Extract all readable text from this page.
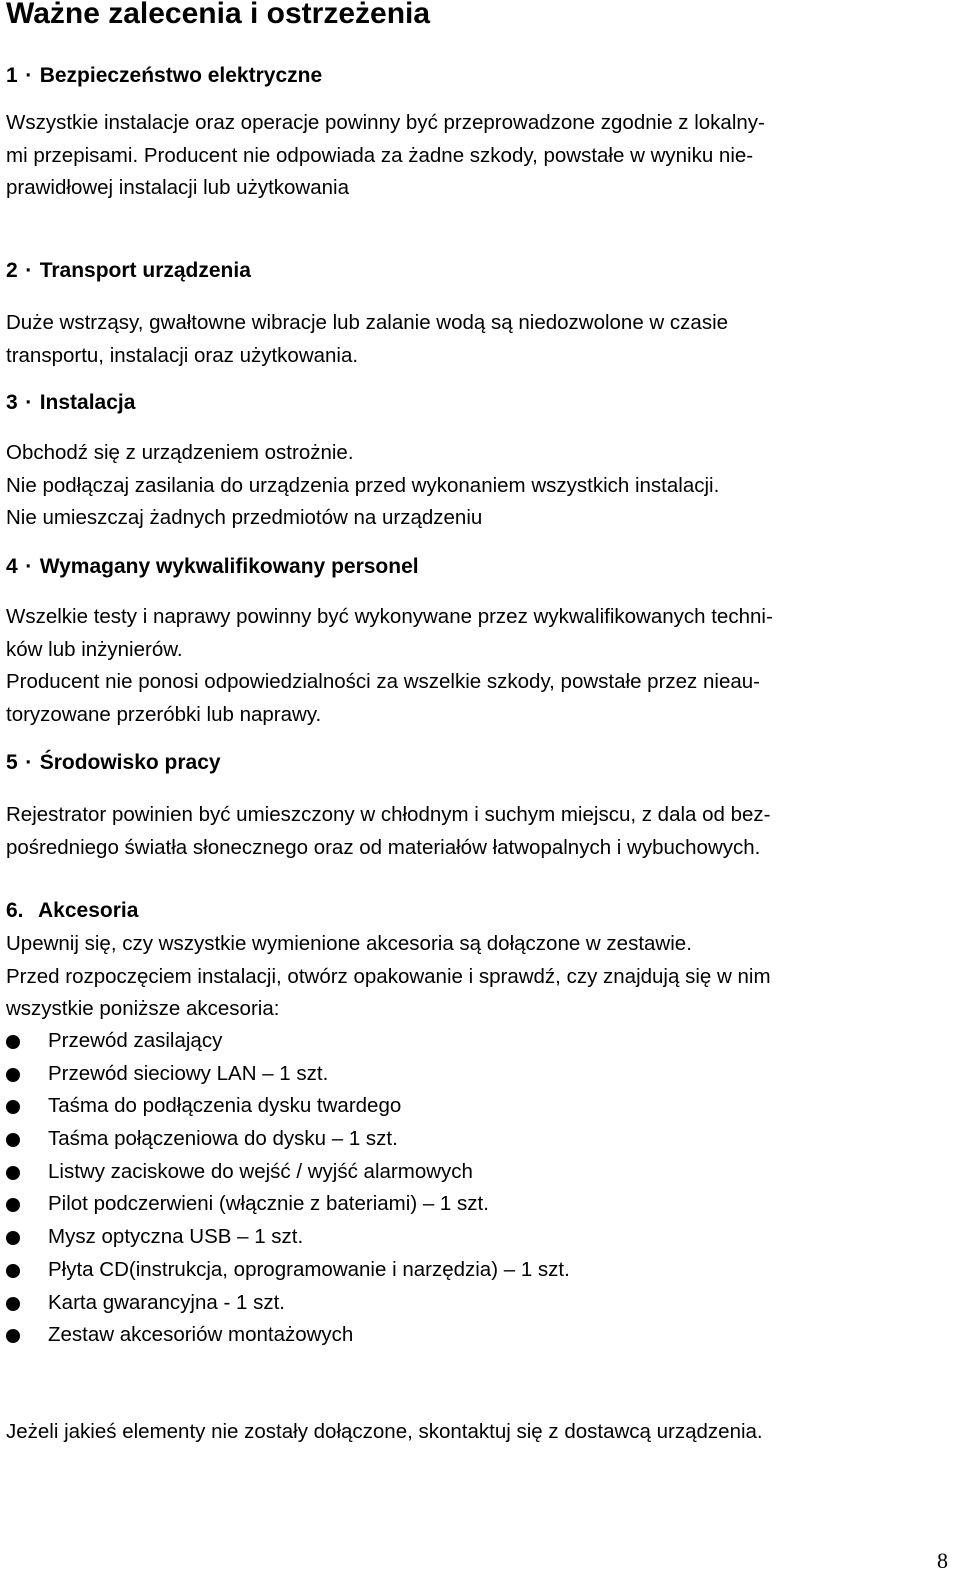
Ważne zalecenia i ostrzeżenia
1 · Bezpieczeństwo elektryczne
Wszystkie instalacje oraz operacje powinny być przeprowadzone zgodnie z lokalny-
mi przepisami. Producent nie odpowiada za żadne szkody, powstałe w wyniku nie-
prawidłowej instalacji lub użytkowania
2 · Transport urządzenia
Duże wstrząsy, gwałtowne wibracje lub zalanie wodą są niedozwolone w czasie
transportu, instalacji oraz użytkowania.
3 · Instalacja
Obchodź się z urządzeniem ostrożnie.
Nie podłączaj zasilania do urządzenia przed wykonaniem wszystkich instalacji.
Nie umieszczaj żadnych przedmiotów na urządzeniu
4 · Wymagany wykwalifikowany personel
Wszelkie testy i naprawy powinny być wykonywane przez wykwalifikowanych techni-
ków lub inżynierów.
Producent nie ponosi odpowiedzialności za wszelkie szkody, powstałe przez nieau-
toryzowane przeróbki lub naprawy.
5 · Środowisko pracy
Rejestrator powinien być umieszczony w chłodnym i suchym miejscu, z dala od bez-
pośredniego światła słonecznego oraz od materiałów łatwopalnych i wybuchowych.
6. Akcesoria
Upewnij się, czy wszystkie wymienione akcesoria są dołączone w zestawie.
Przed rozpoczęciem instalacji, otwórz opakowanie i sprawdź, czy znajdują się w nim
wszystkie poniższe akcesoria:
Przewód zasilający
Przewód sieciowy LAN – 1 szt.
Taśma do podłączenia dysku twardego
Taśma połączeniowa do dysku – 1 szt.
Listwy zaciskowe do wejść / wyjść alarmowych
Pilot podczerwieni (włącznie z bateriami) – 1 szt.
Mysz optyczna USB – 1 szt.
Płyta CD(instrukcja, oprogramowanie i narzędzia) – 1 szt.
Karta gwarancyjna - 1 szt.
Zestaw akcesoriów montażowych
Jeżeli jakieś elementy nie zostały dołączone, skontaktuj się z dostawcą urządzenia.
8
